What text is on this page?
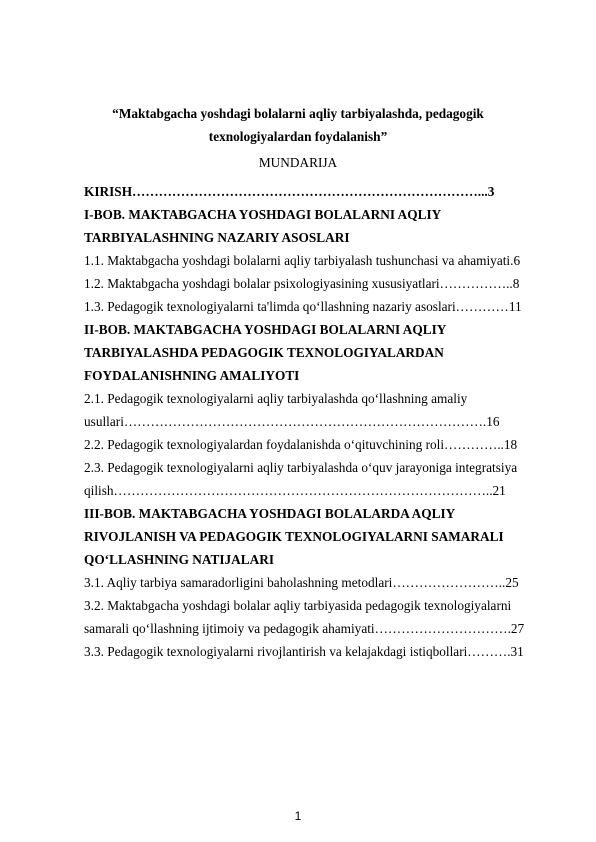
“Maktabgacha yoshdagi bolalarni aqliy tarbiyalashda, pedagogik
texnologiyalardan foydalanish”
MUNDARIJA
KIRISH……………………………………………………………………...3
I-BOB. MAKTABGACHA YOSHDAGI BOLALARNI AQLIY
TARBIYALASHNING NAZARIY ASOSLARI
1.1. Maktabgacha yoshdagi bolalarni aqliy tarbiyalash tushunchasi va ahamiyati.6
1.2. Maktabgacha yoshdagi bolalar psixologiyasining xususiyatlari……………..8
1.3. Pedagogik texnologiyalarni ta'limda qo‘llashning nazariy asoslari…………11
II-BOB. MAKTABGACHA YOSHDAGI BOLALARNI AQLIY
TARBIYALASHDA PEDAGOGIK TEXNOLOGIYALARDAN
FOYDALANISHNING AMALIYOTI
2.1. Pedagogik texnologiyalarni aqliy tarbiyalashda qo‘llashning amaliy
usullari……………………………………………………………………….16
2.2. Pedagogik texnologiyalardan foydalanishda o‘qituvchining roli…………..18
2.3. Pedagogik texnologiyalarni aqliy tarbiyalashda o‘quv jarayoniga integratsiya
qilish…………………………………………………………………………..21
III-BOB. MAKTABGACHA YOSHDAGI BOLALARDA AQLIY
RIVOJLANISH VA PEDAGOGIK TEXNOLOGIYALARNI SAMARALI
QO‘LLASHNING NATIJALARI
3.1. Aqliy tarbiya samaradorligini baholashning metodlari……………………..25
3.2. Maktabgacha yoshdagi bolalar aqliy tarbiyasida pedagogik texnologiyalarni
samarali qo‘llashning ijtimoiy va pedagogik ahamiyati………………………….27
3.3. Pedagogik texnologiyalarni rivojlantirish va kelajakdagi istiqbollari……….31
1
